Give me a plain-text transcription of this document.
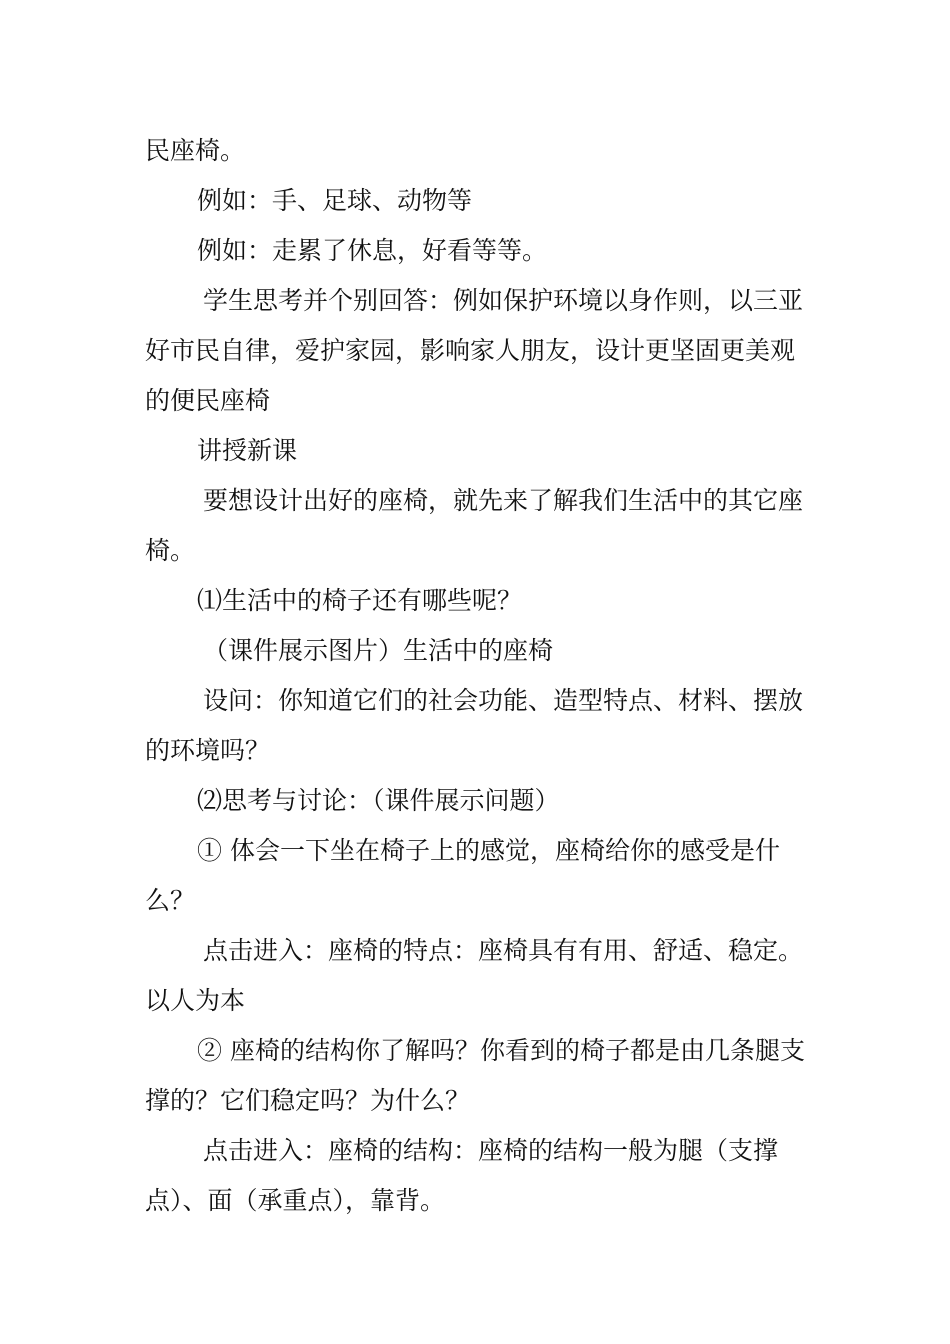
民座椅。

例如：手、足球、动物等

例如：走累了休息，好看等等。

学生思考并个别回答：例如保护环境以身作则，以三亚好市民自律，爱护家园，影响家人朋友，设计更坚固更美观的便民座椅

讲授新课

要想设计出好的座椅，就先来了解我们生活中的其它座椅。

⑴生活中的椅子还有哪些呢？

（课件展示图片）生活中的座椅

设问：你知道它们的社会功能、造型特点、材料、摆放的环境吗？

⑵思考与讨论：（课件展示问题）

① 体会一下坐在椅子上的感觉，座椅给你的感受是什么？

点击进入：座椅的特点：座椅具有有用、舒适、稳定。以人为本

② 座椅的结构你了解吗？你看到的椅子都是由几条腿支撑的？它们稳定吗？为什么？

点击进入：座椅的结构：座椅的结构一般为腿（支撑点）、面（承重点），靠背。
